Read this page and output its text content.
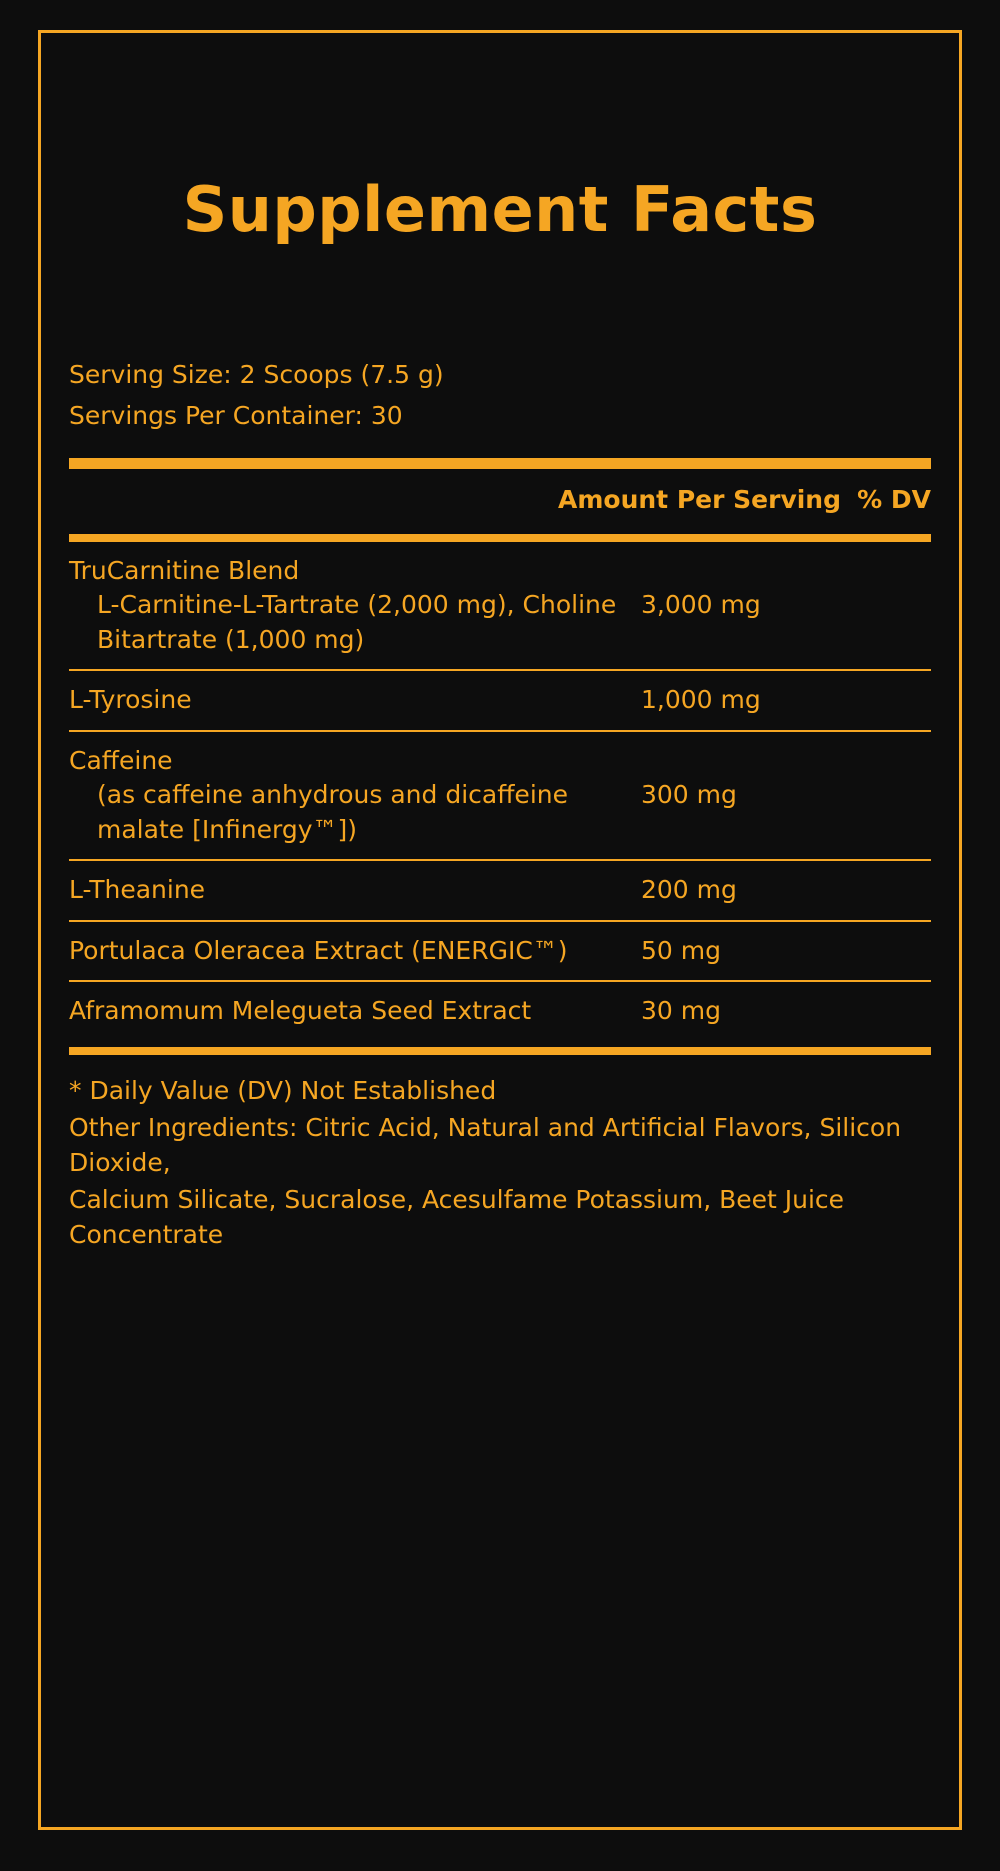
Supplement Facts
Serving Size: 2 Scoops (7.5 g)
Servings Per Container: 30
Amount Per Serving % DV
TruCarnitine Blend
L-Carnitine-L-Tartrate (2,000 mg), Choline Bitartrate (1,000 mg)
3,000 mg
L-Tyrosine	1,000 mg
Caffeine
(as caffeine anhydrous and dicaffeine malate [Infinergy™])
300 mg
L-Theanine	200 mg
Portulaca Oleracea Extract (ENERGIC™)	50 mg
Aframomum Melegueta Seed Extract	30 mg
* Daily Value (DV) Not Established
Other Ingredients: Citric Acid, Natural and Artificial Flavors, Silicon Dioxide,
Calcium Silicate, Sucralose, Acesulfame Potassium, Beet Juice Concentrate
